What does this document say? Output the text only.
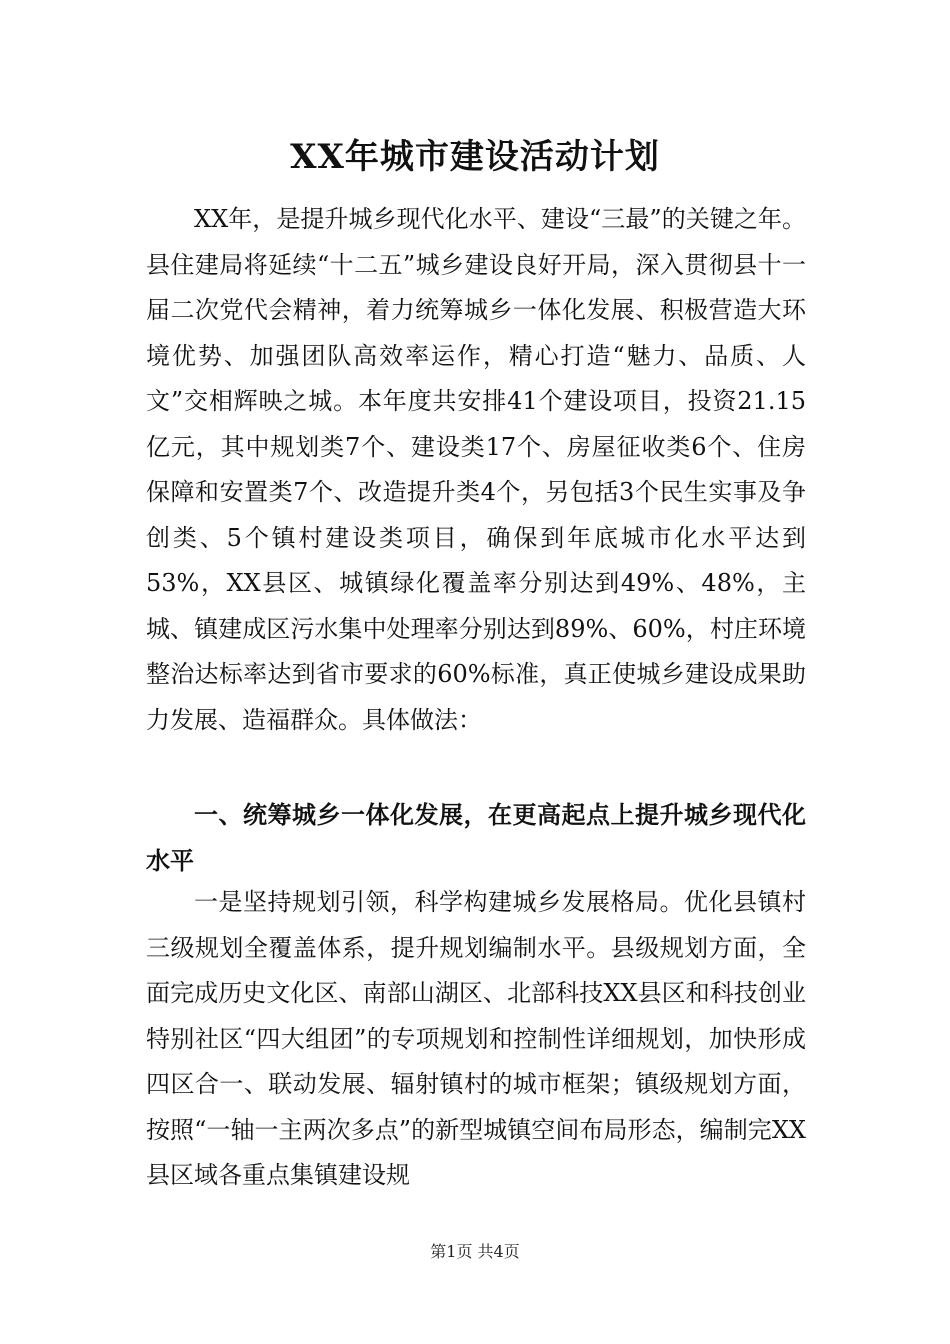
XX年城市建设活动计划

XX年，是提升城乡现代化水平、建设“三最”的关键之年。县住建局将延续“十二五”城乡建设良好开局，深入贯彻县十一届二次党代会精神，着力统筹城乡一体化发展、积极营造大环境优势、加强团队高效率运作，精心打造“魅力、品质、人文”交相辉映之城。本年度共安排41个建设项目，投资21.15亿元，其中规划类7个、建设类17个、房屋征收类6个、住房保障和安置类7个、改造提升类4个，另包括3个民生实事及争创类、5个镇村建设类项目，确保到年底城市化水平达到53%，XX县区、城镇绿化覆盖率分别达到49%、48%，主城、镇建成区污水集中处理率分别达到89%、60%，村庄环境整治达标率达到省市要求的60%标准，真正使城乡建设成果助力发展、造福群众。具体做法：

一、统筹城乡一体化发展，在更高起点上提升城乡现代化水平

一是坚持规划引领，科学构建城乡发展格局。优化县镇村三级规划全覆盖体系，提升规划编制水平。县级规划方面，全面完成历史文化区、南部山湖区、北部科技XX县区和科技创业特别社区“四大组团”的专项规划和控制性详细规划，加快形成四区合一、联动发展、辐射镇村的城市框架；镇级规划方面，按照“一轴一主两次多点”的新型城镇空间布局形态，编制完XX县区域各重点集镇建设规

第1页 共4页
